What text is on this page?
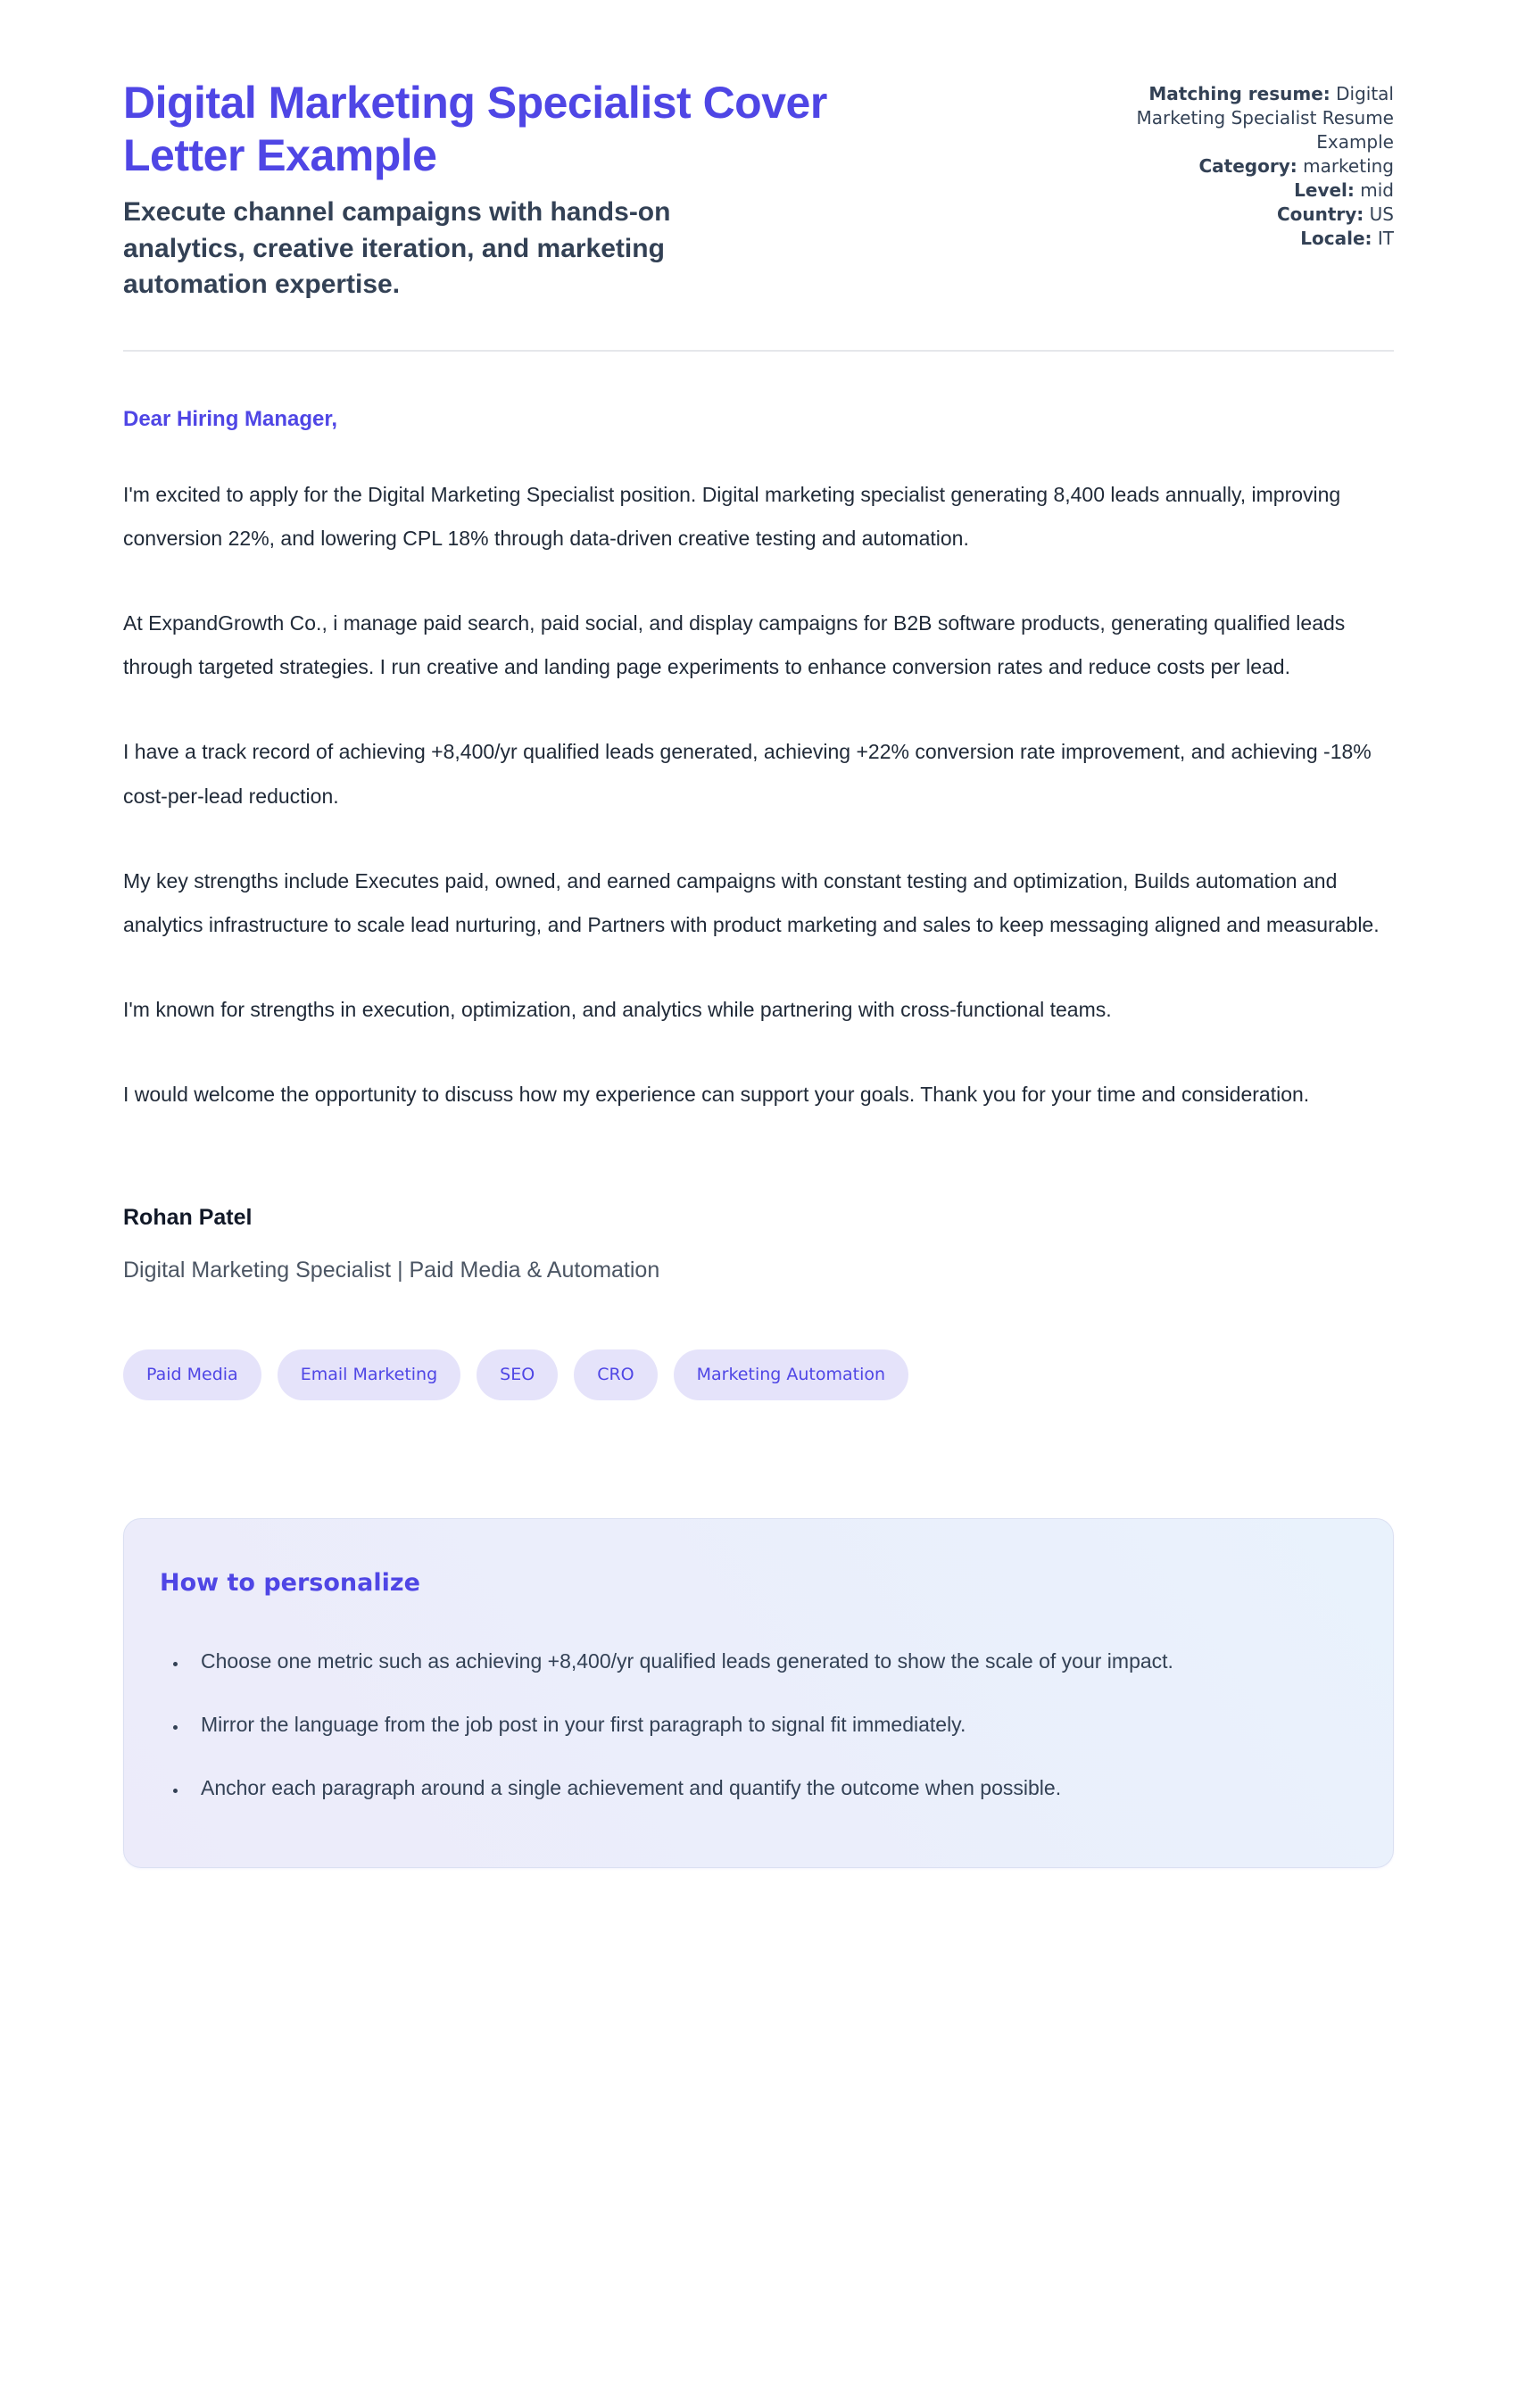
Digital Marketing Specialist Cover Letter Example

Execute channel campaigns with hands-on analytics, creative iteration, and marketing automation expertise.

Matching resume: Digital Marketing Specialist Resume Example
Category: marketing
Level: mid
Country: US
Locale: IT

Dear Hiring Manager,

I'm excited to apply for the Digital Marketing Specialist position. Digital marketing specialist generating 8,400 leads annually, improving conversion 22%, and lowering CPL 18% through data-driven creative testing and automation.

At ExpandGrowth Co., i manage paid search, paid social, and display campaigns for B2B software products, generating qualified leads through targeted strategies. I run creative and landing page experiments to enhance conversion rates and reduce costs per lead.

I have a track record of achieving +8,400/yr qualified leads generated, achieving +22% conversion rate improvement, and achieving -18% cost-per-lead reduction.

My key strengths include Executes paid, owned, and earned campaigns with constant testing and optimization, Builds automation and analytics infrastructure to scale lead nurturing, and Partners with product marketing and sales to keep messaging aligned and measurable.

I'm known for strengths in execution, optimization, and analytics while partnering with cross-functional teams.

I would welcome the opportunity to discuss how my experience can support your goals. Thank you for your time and consideration.

Rohan Patel

Digital Marketing Specialist | Paid Media & Automation

Paid Media	Email Marketing	SEO	CRO	Marketing Automation
How to personalize
• Choose one metric such as achieving +8,400/yr qualified leads generated to show the scale of your impact.
• Mirror the language from the job post in your first paragraph to signal fit immediately.
• Anchor each paragraph around a single achievement and quantify the outcome when possible.
